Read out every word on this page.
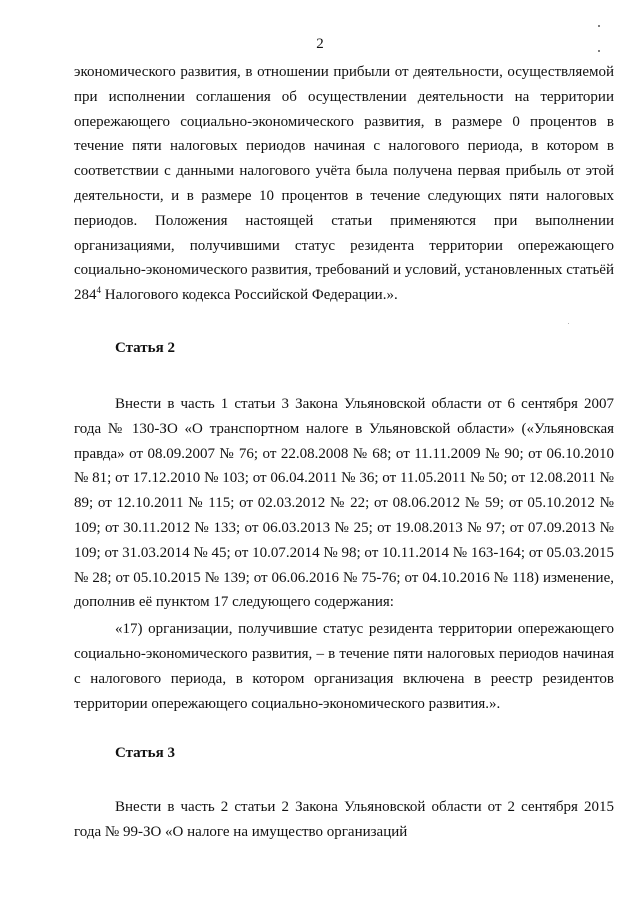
2

экономического развития, в отношении прибыли от деятельности, осуществляемой при исполнении соглашения об осуществлении деятельности на территории опережающего социально-экономического развития, в размере 0 процентов в течение пяти налоговых периодов начиная с налогового периода, в котором в соответствии с данными налогового учёта была получена первая прибыль от этой деятельности, и в размере 10 процентов в течение следующих пяти налоговых периодов. Положения настоящей статьи применяются при выполнении организациями, получившими статус резидента территории опережающего социально-экономического развития, требований и условий, установленных статьёй $284^4$ Налогового кодекса Российской Федерации.».

Статья 2

Внести в часть 1 статьи 3 Закона Ульяновской области от 6 сентября 2007 года № 130-ЗО «О транспортном налоге в Ульяновской области» («Ульяновская правда» от 08.09.2007 № 76; от 22.08.2008 № 68; от 11.11.2009 № 90; от 06.10.2010 № 81; от 17.12.2010 № 103; от 06.04.2011 № 36; от 11.05.2011 № 50; от 12.08.2011 № 89; от 12.10.2011 № 115; от 02.03.2012 № 22; от 08.06.2012 № 59; от 05.10.2012 № 109; от 30.11.2012 № 133; от 06.03.2013 № 25; от 19.08.2013 № 97; от 07.09.2013 № 109; от 31.03.2014 № 45; от 10.07.2014 № 98; от 10.11.2014 № 163-164; от 05.03.2015 № 28; от 05.10.2015 № 139; от 06.06.2016 № 75-76; от 04.10.2016 № 118) изменение, дополнив её пунктом 17 следующего содержания:

«17) организации, получившие статус резидента территории опережающего социально-экономического развития, – в течение пяти налоговых периодов начиная с налогового периода, в котором организация включена в реестр резидентов территории опережающего социально-экономического развития.».

Статья 3

Внести в часть 2 статьи 2 Закона Ульяновской области от 2 сентября 2015 года № 99-ЗО «О налоге на имущество организаций
